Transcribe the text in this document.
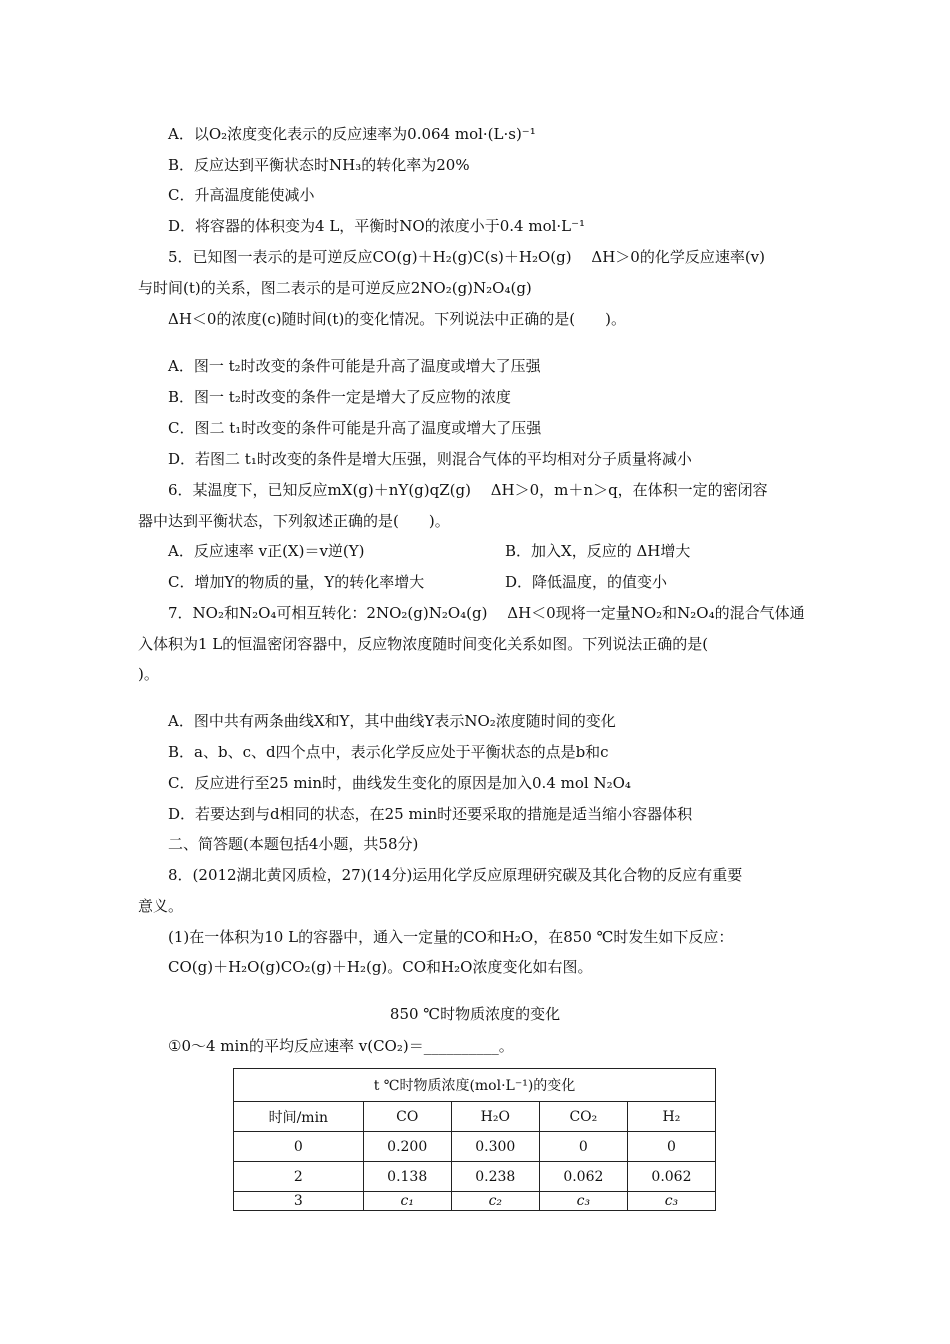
A．以O₂浓度变化表示的反应速率为0.064 mol·(L·s)⁻¹
B．反应达到平衡状态时NH₃的转化率为20%
C．升高温度能使减小
D．将容器的体积变为4 L，平衡时NO的浓度小于0.4 mol·L⁻¹
5．已知图一表示的是可逆反应CO(g)＋H₂(g)C(s)＋H₂O(g)　 ΔH＞0的化学反应速率(v)
与时间(t)的关系，图二表示的是可逆反应2NO₂(g)N₂O₄(g)
ΔH＜0的浓度(c)随时间(t)的变化情况。下列说法中正确的是(　　)。
A．图一 t₂时改变的条件可能是升高了温度或增大了压强
B．图一 t₂时改变的条件一定是增大了反应物的浓度
C．图二 t₁时改变的条件可能是升高了温度或增大了压强
D．若图二 t₁时改变的条件是增大压强，则混合气体的平均相对分子质量将减小
6．某温度下，已知反应mX(g)＋nY(g)qZ(g)　 ΔH＞0，m＋n＞q，在体积一定的密闭容
器中达到平衡状态，下列叙述正确的是(　　)。
A．反应速率 v正(X)＝v逆(Y)	B．加入X，反应的 ΔH增大
C．增加Y的物质的量，Y的转化率增大	D．降低温度，的值变小
7．NO₂和N₂O₄可相互转化：2NO₂(g)N₂O₄(g)　 ΔH＜0现将一定量NO₂和N₂O₄的混合气体通
入体积为1 L的恒温密闭容器中，反应物浓度随时间变化关系如图。下列说法正确的是(
)。
A．图中共有两条曲线X和Y，其中曲线Y表示NO₂浓度随时间的变化
B．a、b、c、d四个点中，表示化学反应处于平衡状态的点是b和c
C．反应进行至25 min时，曲线发生变化的原因是加入0.4 mol N₂O₄
D．若要达到与d相同的状态，在25 min时还要采取的措施是适当缩小容器体积
二、简答题(本题包括4小题，共58分)
8．(2012湖北黄冈质检，27)(14分)运用化学反应原理研究碳及其化合物的反应有重要
意义。
(1)在一体积为10 L的容器中，通入一定量的CO和H₂O，在850 ℃时发生如下反应：
CO(g)＋H₂O(g)CO₂(g)＋H₂(g)。CO和H₂O浓度变化如右图。
850 ℃时物质浓度的变化
①0～4 min的平均反应速率 v(CO₂)＝__________。
t ℃时物质浓度(mol·L⁻¹)的变化				
时间/min	CO	H₂O	CO₂	H₂
0	0.200	0.300	0	0
2	0.138	0.238	0.062	0.062
3	c₁	c₂	c₃	c₃
